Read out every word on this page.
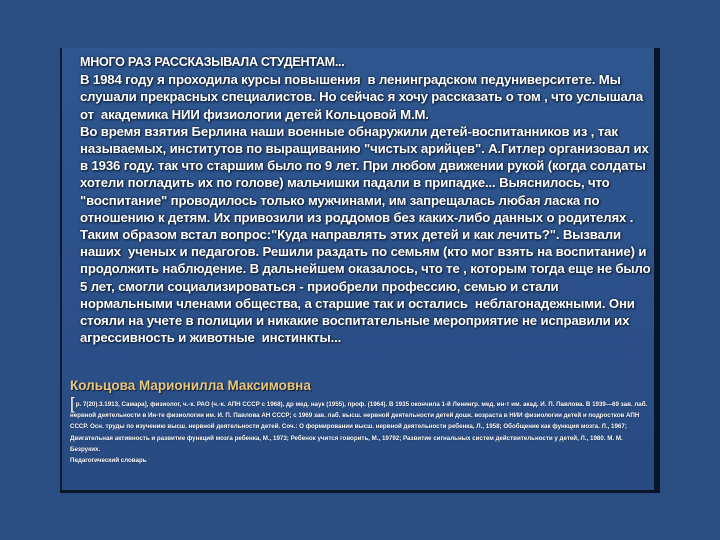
МНОГО РАЗ РАССКАЗЫВАЛА СТУДЕНТАМ...

В 1984 году я проходила курсы повышения  в ленинградском педуниверситете. Мы слушали прекрасных специалистов. Но сейчас я хочу рассказать о том , что услышала от  академика НИИ физиологии детей Кольцовой М.М.

Во время взятия Берлина наши военные обнаружили детей-воспитанников из , так называемых, институтов по выращиванию "чистых арийцев". А.Гитлер организовал их в 1936 году. так что старшим было по 9 лет. При любом движении рукой (когда солдаты хотели погладить их по голове) мальчишки падали в припадке... Выяснилось, что "воспитание" проводилось только мужчинами, им запрещалась любая ласка по отношению к детям. Их привозили из роддомов без каких-либо данных о родителях . Таким образом встал вопрос:"Куда направлять этих детей и как лечить?". Вызвали наших  ученых и педагогов. Решили раздать по семьям (кто мог взять на воспитание) и продолжить наблюдение. В дальнейшем оказалось, что те , которым тогда еще не было 5 лет, смогли социализироваться - приобрели профессию, семью и стали нормальными членами общества, а старшие так и остались  неблагонадежными. Они стояли на учете в полиции и никакие воспитательные мероприятие не исправили их агрессивность и животные  инстинкты...

Кольцова Марионилла Максимовна
[р. 7(20).3.1913, Самара], физиолог, ч.-к. РАО (ч.-к. АПН СССР с 1968), др мед. наук (1955), проф. (1964). В 1935 окончила 1-й Ленингр. мед. ин-т им. акад. И. П. Павлова. В 1939—69 зав. лаб. нервной деятельности в Ин-те физиологии им. И. П. Павлова АН СССР; с 1969 зав. лаб. высш. нервной деятельности детей дошк. возраста в НИИ физиологии детей и подростков АПН СССР. Осн. труды по изучению высш. нервной деятельности детей. Соч.: О формировании высш. нервной деятельности ребенка, Л., 1958; Обобщение как функция мозга. Л., 1967; Двигательная активность и развитие функций мозга ребенка, М., 1973; Ребенок учится говорить, М., 19792; Развитие сигнальных систем действительности у детей, Л., 1980. М. М. Безруких.
Педагогический словарь
